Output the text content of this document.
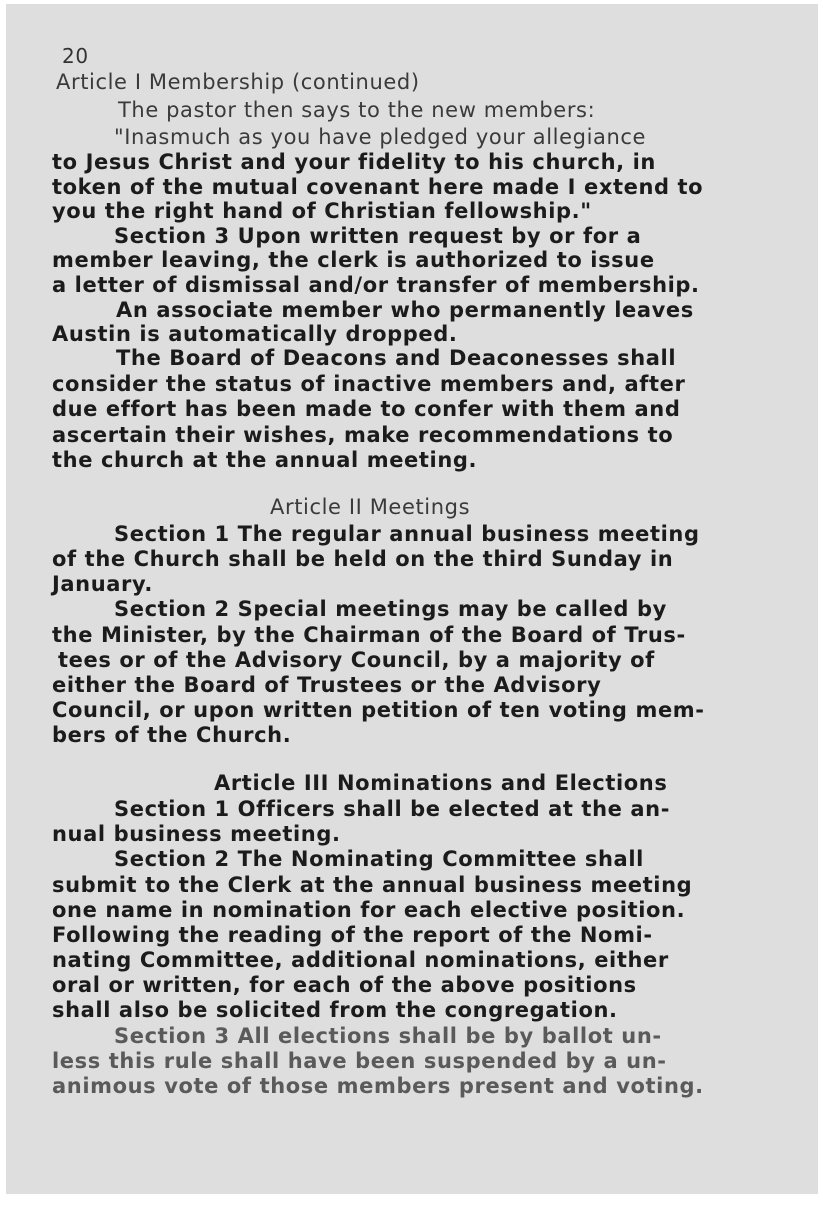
20
Article I Membership (continued)
The pastor then says to the new members:
"Inasmuch as you have pledged your allegiance
to Jesus Christ and your fidelity to his church, in
token of the mutual covenant here made I extend to
you the right hand of Christian fellowship."
Section 3 Upon written request by or for a
member leaving, the clerk is authorized to issue
a letter of dismissal and/or transfer of membership.
An associate member who permanently leaves
Austin is automatically dropped.
The Board of Deacons and Deaconesses shall
consider the status of inactive members and, after
due effort has been made to confer with them and
ascertain their wishes, make recommendations to
the church at the annual meeting.
Article II Meetings
Section 1 The regular annual business meeting
of the Church shall be held on the third Sunday in
January.
Section 2 Special meetings may be called by
the Minister, by the Chairman of the Board of Trus-
tees or of the Advisory Council, by a majority of
either the Board of Trustees or the Advisory
Council, or upon written petition of ten voting mem-
bers of the Church.
Article III Nominations and Elections
Section 1 Officers shall be elected at the an-
nual business meeting.
Section 2 The Nominating Committee shall
submit to the Clerk at the annual business meeting
one name in nomination for each elective position.
Following the reading of the report of the Nomi-
nating Committee, additional nominations, either
oral or written, for each of the above positions
shall also be solicited from the congregation.
Section 3 All elections shall be by ballot un-
less this rule shall have been suspended by a un-
animous vote of those members present and voting.
